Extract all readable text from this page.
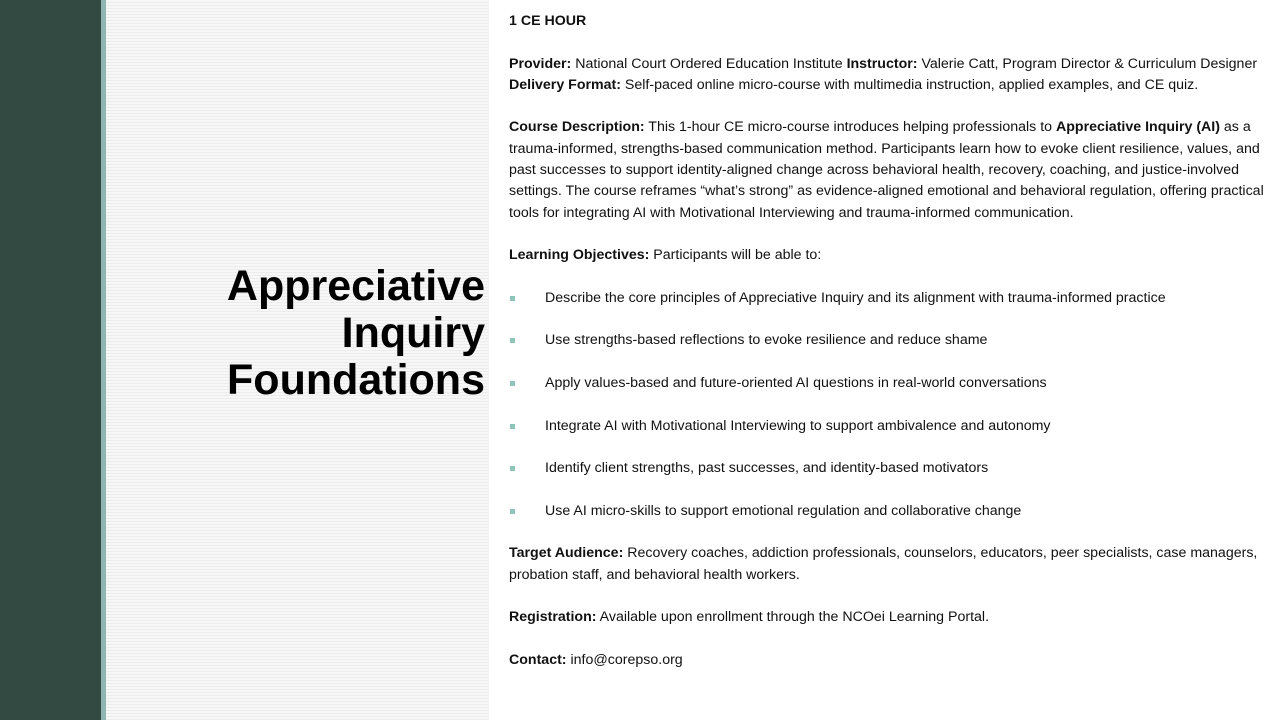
Appreciative
Inquiry
Foundations

1 CE HOUR

Provider: National Court Ordered Education Institute Instructor: Valerie Catt, Program Director & Curriculum Designer Delivery Format: Self-paced online micro-course with multimedia instruction, applied examples, and CE quiz.

Course Description: This 1-hour CE micro-course introduces helping professionals to Appreciative Inquiry (AI) as a trauma-informed, strengths-based communication method. Participants learn how to evoke client resilience, values, and past successes to support identity-aligned change across behavioral health, recovery, coaching, and justice-involved settings. The course reframes “what’s strong” as evidence-aligned emotional and behavioral regulation, offering practical tools for integrating AI with Motivational Interviewing and trauma-informed communication.

Learning Objectives: Participants will be able to:

Describe the core principles of Appreciative Inquiry and its alignment with trauma-informed practice
Use strengths-based reflections to evoke resilience and reduce shame
Apply values-based and future-oriented AI questions in real-world conversations
Integrate AI with Motivational Interviewing to support ambivalence and autonomy
Identify client strengths, past successes, and identity-based motivators
Use AI micro-skills to support emotional regulation and collaborative change

Target Audience: Recovery coaches, addiction professionals, counselors, educators, peer specialists, case managers, probation staff, and behavioral health workers.

Registration: Available upon enrollment through the NCOei Learning Portal.

Contact: info@corepso.org
